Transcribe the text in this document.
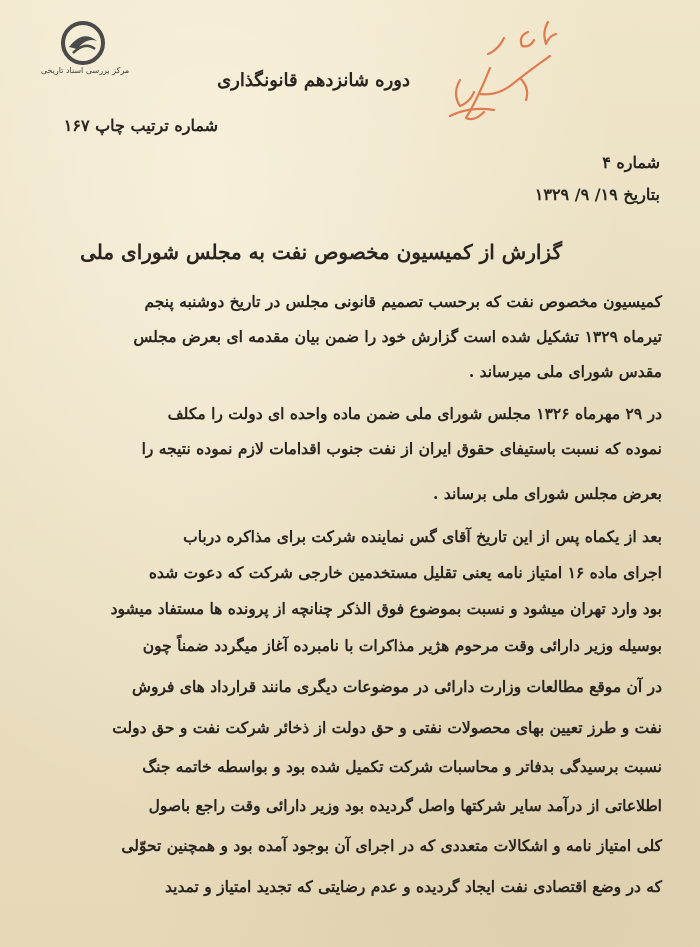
مرکز بررسی اسناد تاریخی	دوره شانزدهم قانونگذاری
شماره ترتیب چاپ ۱۶۷
شماره ۴
بتاریخ ۱۹/ ۹/ ۱۳۲۹
گزارش از کمیسیون مخصوص نفت به مجلس شورای ملی
کمیسیون مخصوص نفت که برحسب تصمیم قانونی مجلس در تاریخ دوشنبه پنجم
تیرماه ۱۳۲۹ تشکیل شده است گزارش خود را ضمن بیان مقدمه ای بعرض مجلس
مقدس شورای ملی میرساند .
در ۲۹ مهرماه ۱۳۲۶ مجلس شورای ملی ضمن ماده واحده ای دولت را مکلف
نموده که نسبت باستیفای حقوق ایران از نفت جنوب اقدامات لازم نموده نتیجه را
بعرض مجلس شورای ملی برساند .
بعد از یکماه پس از این تاریخ آقای گس نماینده شرکت برای مذاکره درباب
اجرای ماده ۱۶ امتیاز نامه یعنی تقلیل مستخدمین خارجی شرکت که دعوت شده
بود وارد تهران میشود و نسبت بموضوع فوق الذکر چنانچه از پرونده ها مستفاد میشود
بوسیله وزیر دارائی وقت مرحوم هژیر مذاکرات با نامبرده آغاز میگردد ضمناً چون
در آن موقع مطالعات وزارت دارائی در موضوعات دیگری مانند قرارداد های فروش
نفت و طرز تعیین بهای محصولات نفتی و حق دولت از ذخائر شرکت نفت و حق دولت
نسبت برسیدگی بدفاتر و محاسبات شرکت تکمیل شده بود و بواسطه خاتمه جنگ
اطلاعاتی از درآمد سایر شرکتها واصل گردیده بود وزیر دارائی وقت راجع باصول
کلی امتیاز نامه و اشکالات متعددی که در اجرای آن بوجود آمده بود و همچنین تحوّلی
که در وضع اقتصادی نفت ایجاد گردیده و عدم رضایتی که تجدید امتیاز و تمدید
